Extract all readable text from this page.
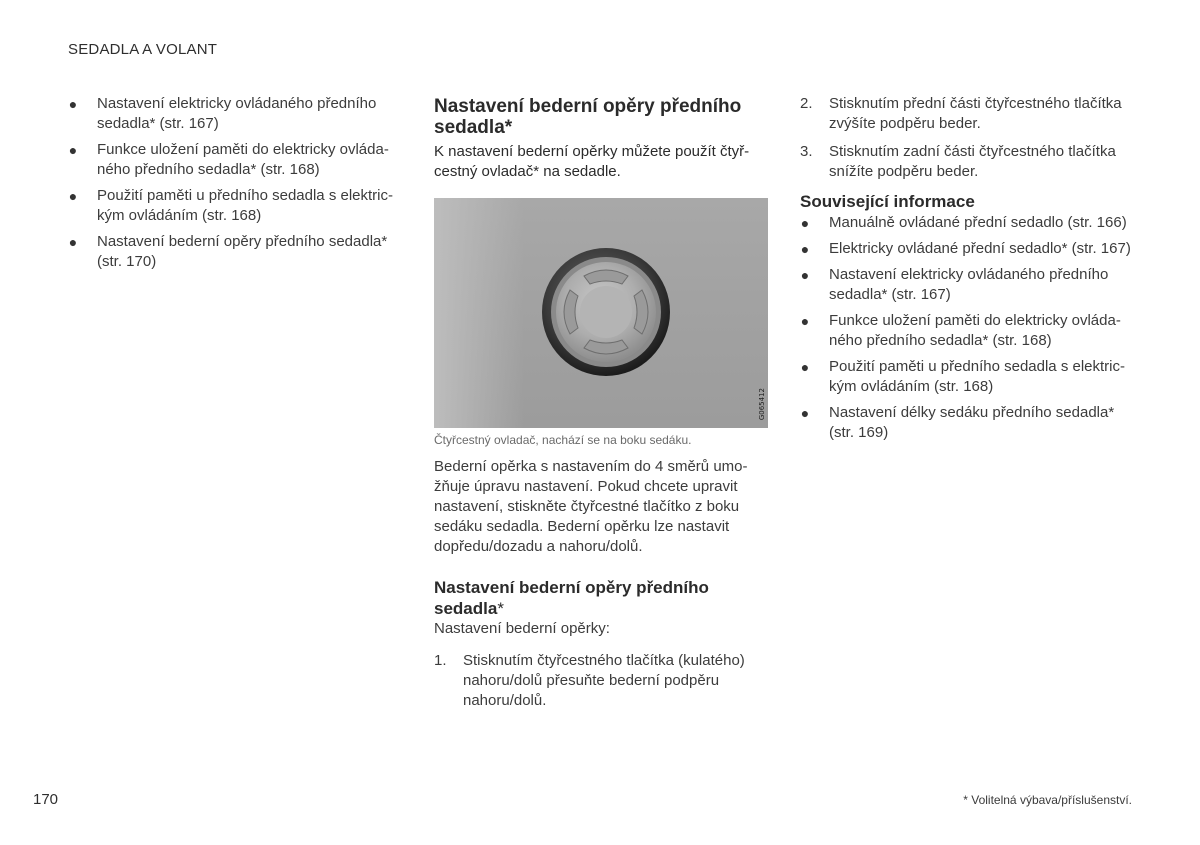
SEDADLA A VOLANT
● Nastavení elektricky ovládaného předního sedadla* (str. 167)
● Funkce uložení paměti do elektricky ovláda- ného předního sedadla* (str. 168)
● Použití paměti u předního sedadla s elektric- kým ovládáním (str. 168)
● Nastavení bederní opěry předního sedadla* (str. 170)
Nastavení bederní opěry předního sedadla*

K nastavení bederní opěrky můžete použít čtyř- cestný ovladač* na sedadle.

G065412

Čtyřcestný ovladač, nachází se na boku sedáku.

Bederní opěrka s nastavením do 4 směrů umo- žňuje úpravu nastavení. Pokud chcete upravit nastavení, stiskněte čtyřcestné tlačítko z boku sedáku sedadla. Bederní opěrku lze nastavit dopředu/dozadu a nahoru/dolů.

Nastavení bederní opěry předního sedadla*

Nastavení bederní opěrky:

1. Stisknutím čtyřcestného tlačítka (kulatého) nahoru/dolů přesuňte bederní podpěru nahoru/dolů.
2. Stisknutím přední části čtyřcestného tlačítka zvýšíte podpěru beder.
3. Stisknutím zadní části čtyřcestného tlačítka snížíte podpěru beder.
Související informace
● Manuálně ovládané přední sedadlo (str. 166)
● Elektricky ovládané přední sedadlo* (str. 167)
● Nastavení elektricky ovládaného předního sedadla* (str. 167)
● Funkce uložení paměti do elektricky ovláda- ného předního sedadla* (str. 168)
● Použití paměti u předního sedadla s elektric- kým ovládáním (str. 168)
● Nastavení délky sedáku předního sedadla* (str. 169)
170	* Volitelná výbava/příslušenství.
